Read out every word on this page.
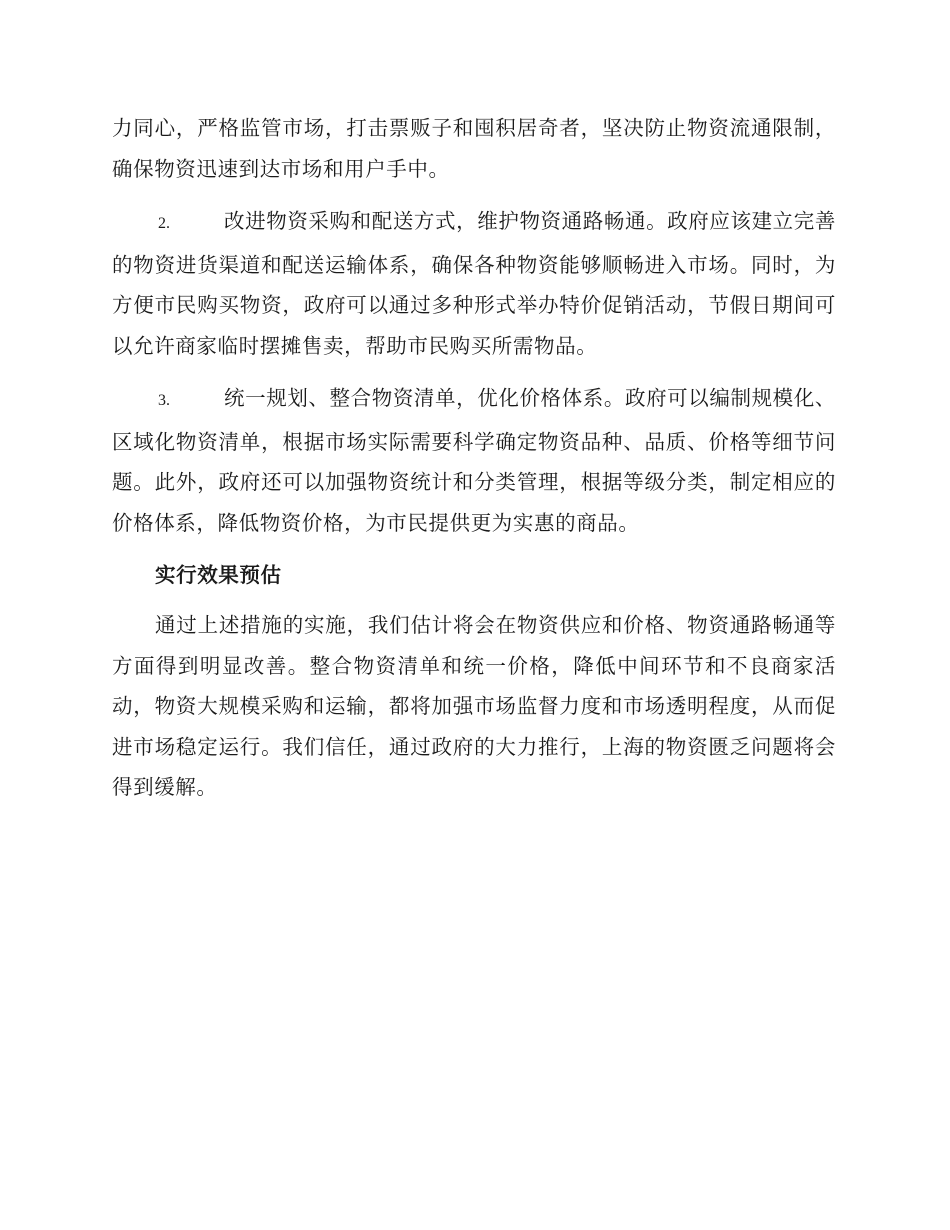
力同心，严格监管市场，打击票贩子和囤积居奇者，坚决防止物资流通限制，确保物资迅速到达市场和用户手中。

2.	改进物资采购和配送方式，维护物资通路畅通。政府应该建立完善的物资进货渠道和配送运输体系，确保各种物资能够顺畅进入市场。同时，为方便市民购买物资，政府可以通过多种形式举办特价促销活动，节假日期间可以允许商家临时摆摊售卖，帮助市民购买所需物品。

3.	统一规划、整合物资清单，优化价格体系。政府可以编制规模化、区域化物资清单，根据市场实际需要科学确定物资品种、品质、价格等细节问题。此外，政府还可以加强物资统计和分类管理，根据等级分类，制定相应的价格体系，降低物资价格，为市民提供更为实惠的商品。

实行效果预估

通过上述措施的实施，我们估计将会在物资供应和价格、物资通路畅通等方面得到明显改善。整合物资清单和统一价格，降低中间环节和不良商家活动，物资大规模采购和运输，都将加强市场监督力度和市场透明程度，从而促进市场稳定运行。我们信任，通过政府的大力推行，上海的物资匮乏问题将会得到缓解。
